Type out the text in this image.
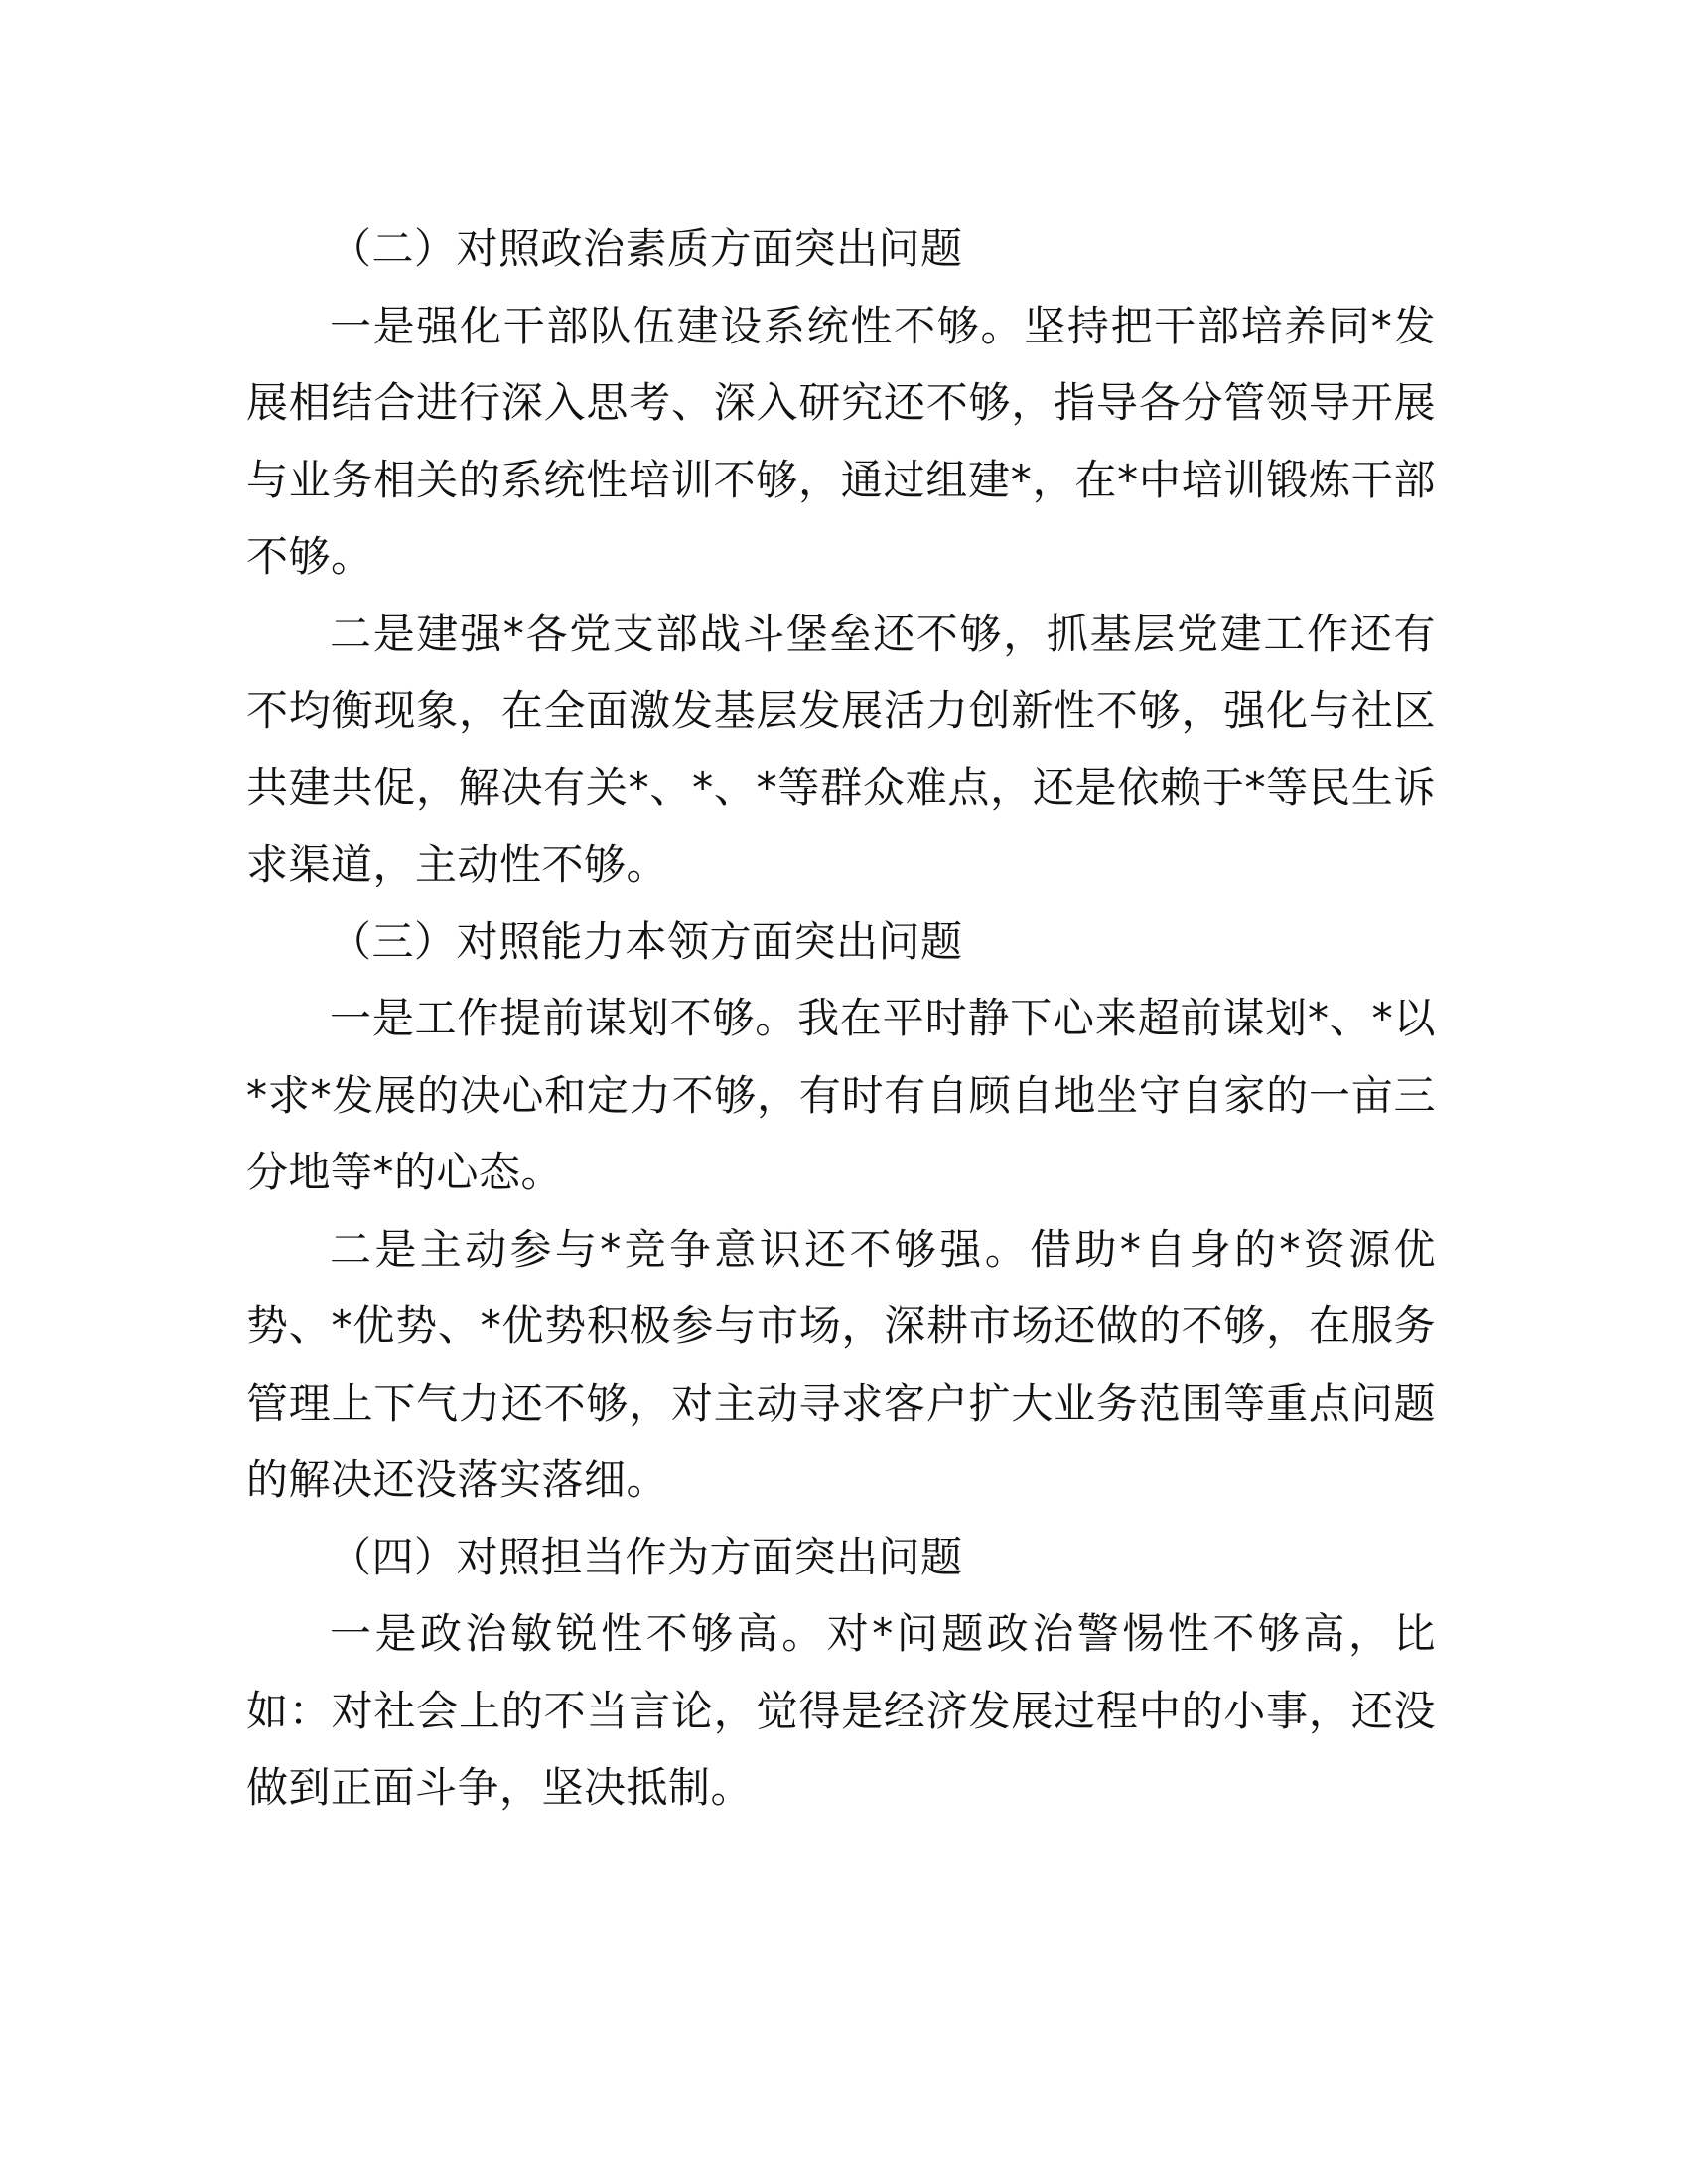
（二）对照政治素质方面突出问题

一是强化干部队伍建设系统性不够。坚持把干部培养同*发展相结合进行深入思考、深入研究还不够，指导各分管领导开展与业务相关的系统性培训不够，通过组建*，在*中培训锻炼干部不够。

二是建强*各党支部战斗堡垒还不够，抓基层党建工作还有不均衡现象，在全面激发基层发展活力创新性不够，强化与社区共建共促，解决有关*、*、*等群众难点，还是依赖于*等民生诉求渠道，主动性不够。

（三）对照能力本领方面突出问题

一是工作提前谋划不够。我在平时静下心来超前谋划*、*以*求*发展的决心和定力不够，有时有自顾自地坐守自家的一亩三分地等*的心态。

二是主动参与*竞争意识还不够强。借助*自身的*资源优势、*优势、*优势积极参与市场，深耕市场还做的不够，在服务管理上下气力还不够，对主动寻求客户扩大业务范围等重点问题的解决还没落实落细。

（四）对照担当作为方面突出问题

一是政治敏锐性不够高。对*问题政治警惕性不够高，比如：对社会上的不当言论，觉得是经济发展过程中的小事，还没做到正面斗争，坚决抵制。
